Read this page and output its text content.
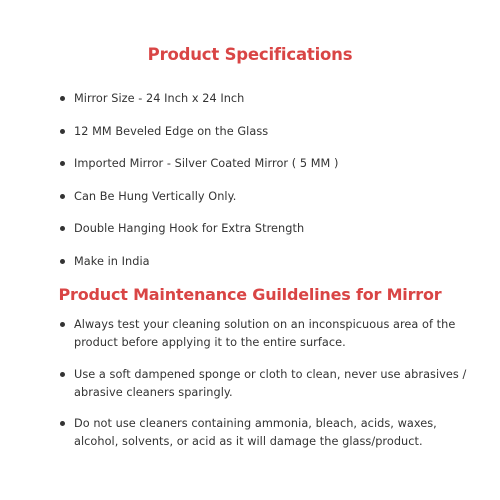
Product Specifications
Mirror Size - 24 Inch x 24 Inch
12 MM Beveled Edge on the Glass
Imported Mirror - Silver Coated Mirror ( 5 MM )
Can Be Hung Vertically Only.
Double Hanging Hook for Extra Strength
Make in India
Product Maintenance Guildelines for Mirror
Always test your cleaning solution on an inconspicuous area of the product before applying it to the entire surface.
Use a soft dampened sponge or cloth to clean, never use abrasives / abrasive cleaners sparingly.
Do not use cleaners containing ammonia, bleach, acids, waxes, alcohol, solvents, or acid as it will damage the glass/product.
